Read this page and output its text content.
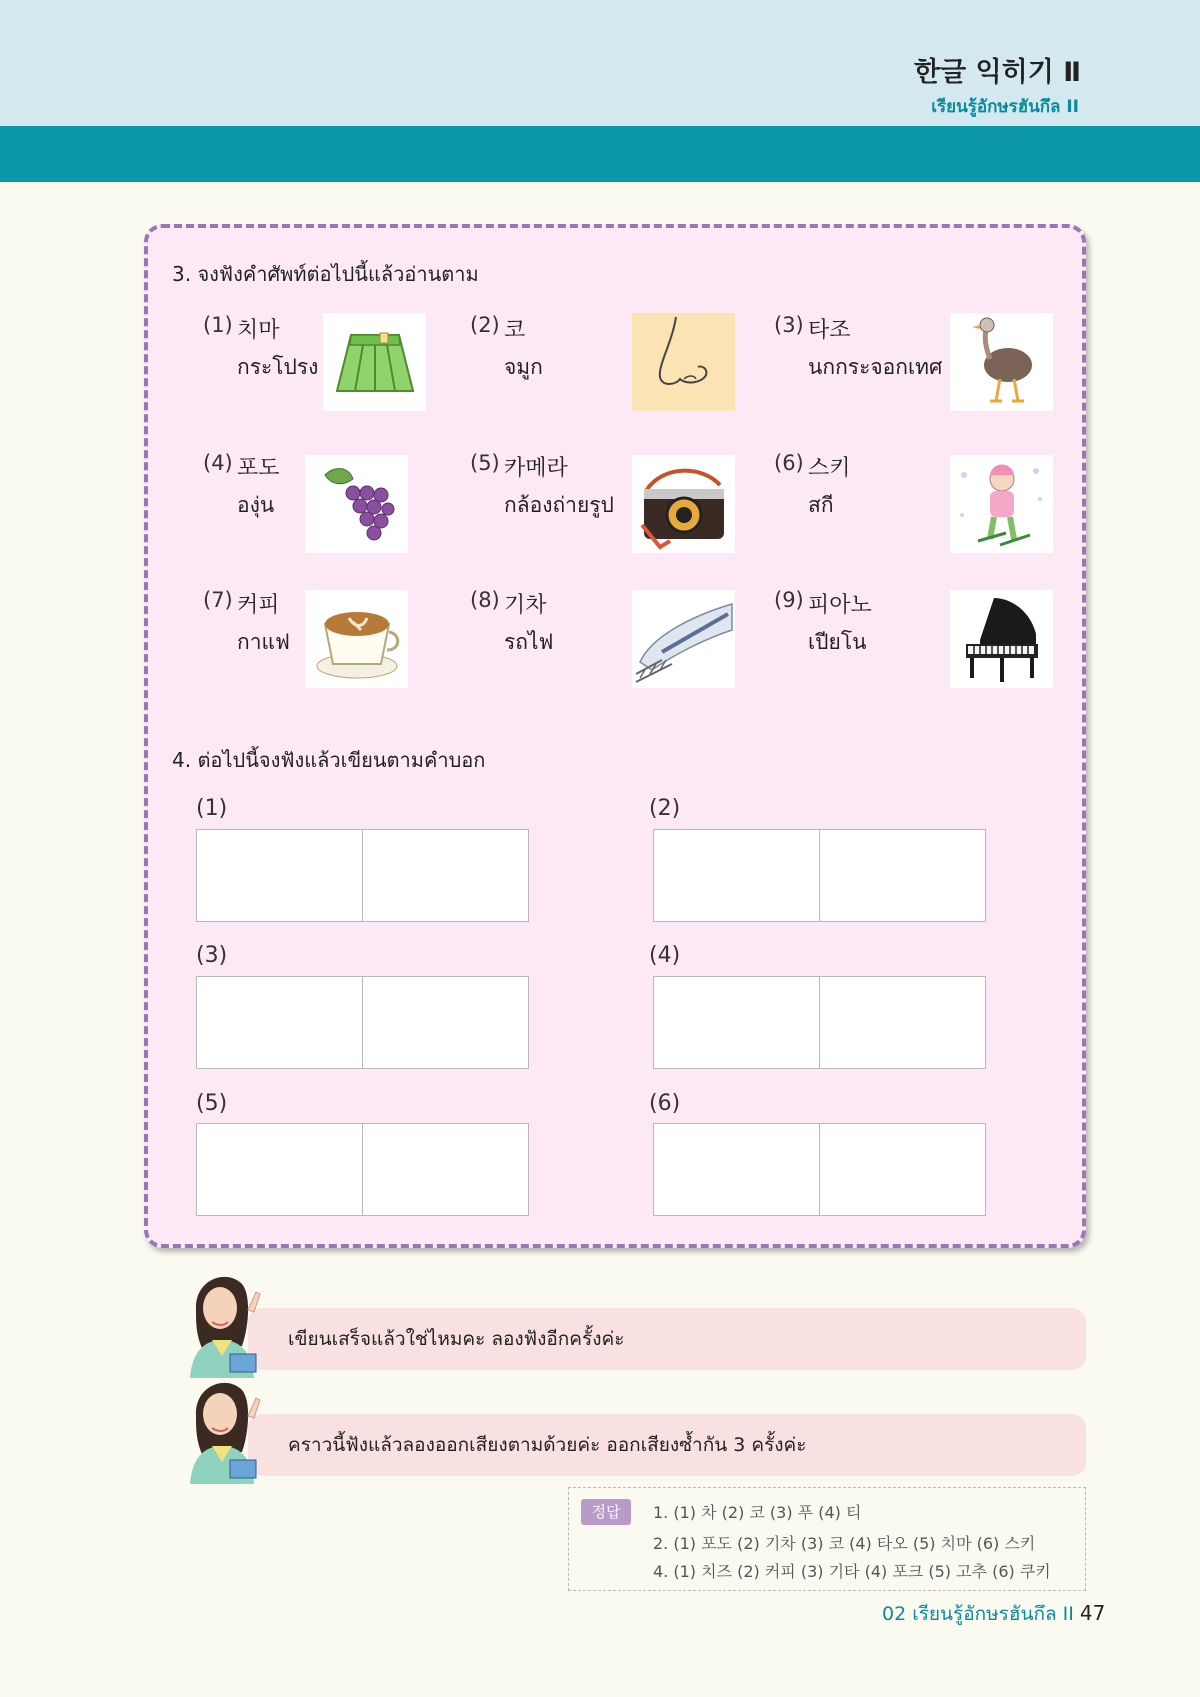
한글 익히기 Ⅱ
เรียนรู้อักษรฮันกึล II
3. จงฟังคำศัพท์ต่อไปนี้แล้วอ่านตาม
(1) 치마
กระโปรง
(2) 코
จมูก
(3) 타조
นกกระจอกเทศ
(4) 포도
องุ่น
(5) 카메라
กล้องถ่ายรูป
(6) 스키
สกี
(7) 커피
กาแฟ
(8) 기차
รถไฟ
(9) 피아노
เปียโน
4. ต่อไปนี้จงฟังแล้วเขียนตามคำบอก
(1)	(2)
(3)	(4)
(5)	(6)
เขียนเสร็จแล้วใช่ไหมคะ ลองฟังอีกครั้งค่ะ
คราวนี้ฟังแล้วลองออกเสียงตามด้วยค่ะ ออกเสียงซ้ำกัน 3 ครั้งค่ะ
정답	1. (1) 차 (2) 코 (3) 푸 (4) 티
2. (1) 포도 (2) 기차 (3) 코 (4) 타오 (5) 치마 (6) 스키
4. (1) 치즈 (2) 커피 (3) 기타 (4) 포크 (5) 고추 (6) 쿠키
02 เรียนรู้อักษรฮันกึล II 47
